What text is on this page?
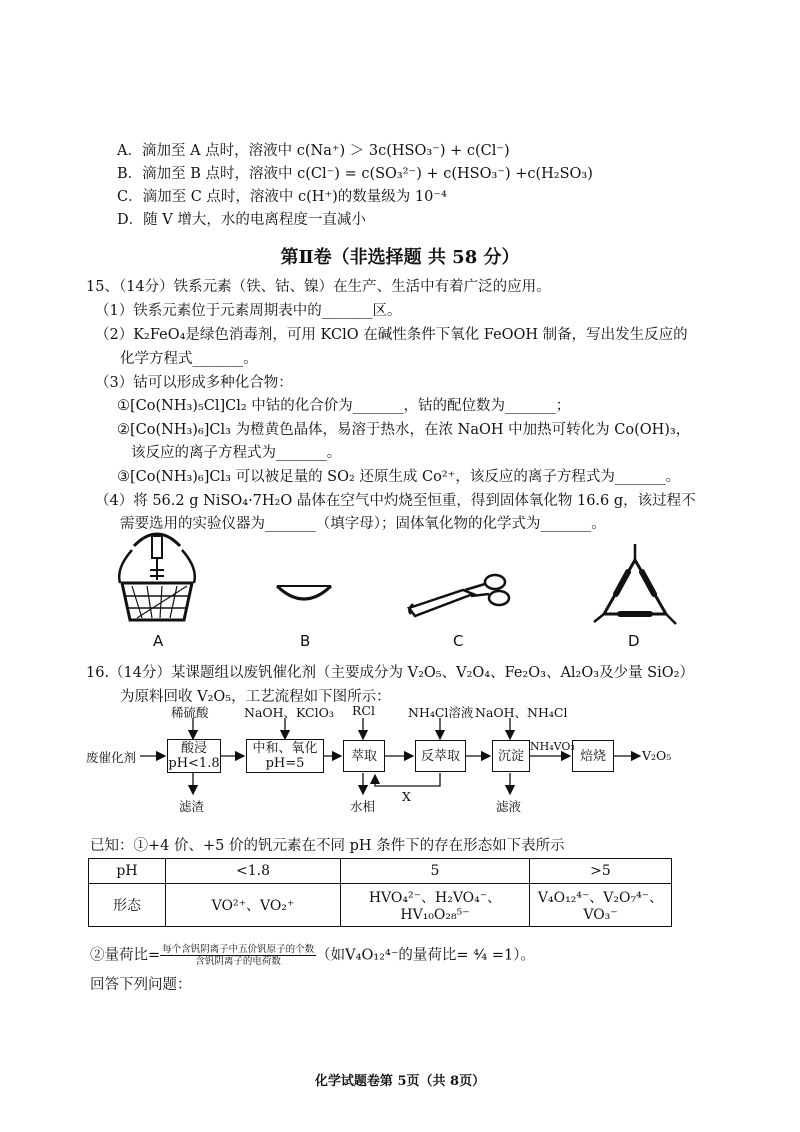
A．滴加至 A 点时，溶液中 c(Na⁺) ＞ 3c(HSO₃⁻) + c(Cl⁻)
B．滴加至 B 点时，溶液中 c(Cl⁻) = c(SO₃²⁻) + c(HSO₃⁻) +c(H₂SO₃)
C．滴加至 C 点时，溶液中 c(H⁺)的数量级为 10⁻⁴
D．随 V 增大，水的电离程度一直减小
第Ⅱ卷（非选择题 共 58 分）
15、（14分）铁系元素（铁、钴、镍）在生产、生活中有着广泛的应用。
（1）铁系元素位于元素周期表中的_______区。
（2）K₂FeO₄是绿色消毒剂，可用 KClO 在碱性条件下氧化 FeOOH 制备，写出发生反应的
化学方程式_______。
（3）钴可以形成多种化合物：
①[Co(NH₃)₅Cl]Cl₂ 中钴的化合价为_______，钴的配位数为_______；
②[Co(NH₃)₆]Cl₃ 为橙黄色晶体，易溶于热水，在浓 NaOH 中加热可转化为 Co(OH)₃，
该反应的离子方程式为_______。
③[Co(NH₃)₆]Cl₃ 可以被足量的 SO₂ 还原生成 Co²⁺，该反应的离子方程式为_______。
（4）将 56.2 g NiSO₄·7H₂O 晶体在空气中灼烧至恒重，得到固体氧化物 16.6 g，该过程不
需要选用的实验仪器为_______（填字母）；固体氧化物的化学式为_______。
A	B	C	D
16.（14分）某课题组以废钒催化剂（主要成分为 V₂O₅、V₂O₄、Fe₂O₃、Al₂O₃及少量 SiO₂）
为原料回收 V₂O₅，工艺流程如下图所示：
废催化剂	V₂O₅
稀硫酸	NaOH、KClO₃ RCl	NH₄Cl溶液 NaOH、NH₄Cl
酸浸
pH<1.8
中和、氧化
pH=5	萃取	反萃取	沉淀	焙烧
NH₄VO₃
滤渣	水相
X
滤液
已知：①+4 价、+5 价的钒元素在不同 pH 条件下的存在形态如下表所示
pH	<1.8	5	>5
形态	VO²⁺、VO₂⁺	HVO₄²⁻、H₂VO₄⁻、HV₁₀O₂₈⁵⁻	V₄O₁₂⁴⁻、V₂O₇⁴⁻、VO₃⁻
②量荷比= $\frac{\text{每个含钒阴离子中五价钒原子的个数}}{\text{含钒阴离子的电荷数}}$ （如V₄O₁₂⁴⁻的量荷比= ⁴⁄₄ =1）。
回答下列问题：
化学试题卷第 5页（共 8页）
